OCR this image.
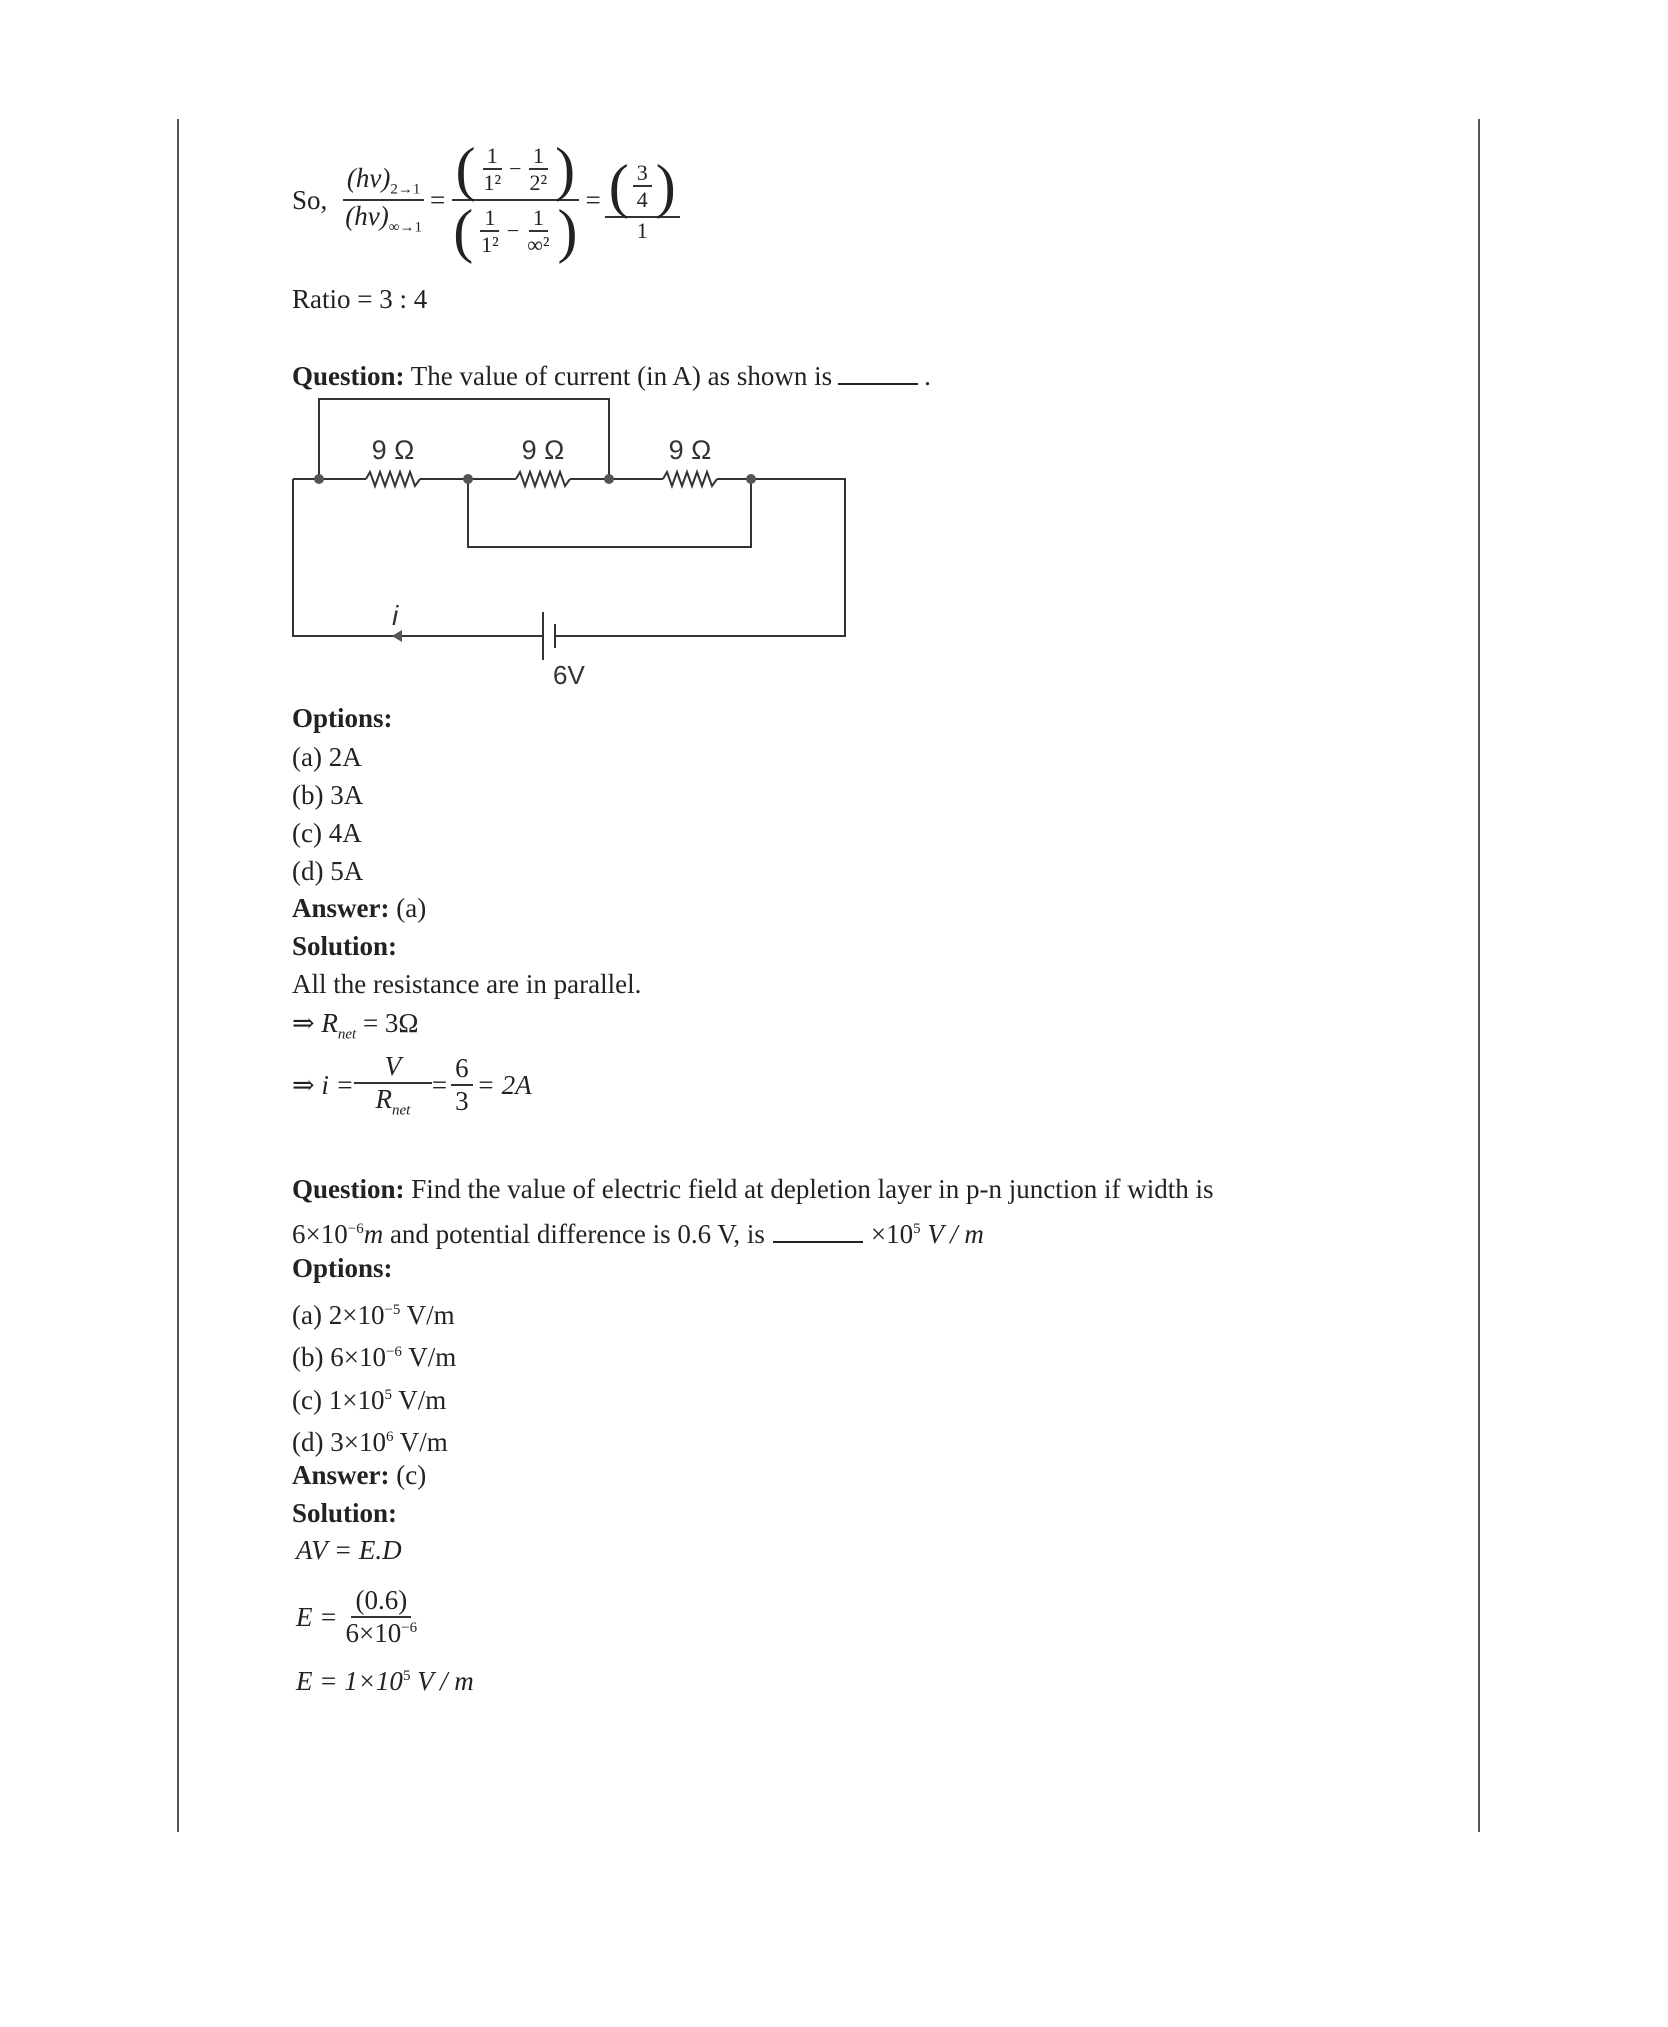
So, $\frac{(hv)_{2\to 1}}{(hv)_{\infty\to 1}} = \frac{( \frac{1}{\text{1²}} - \frac{1}{\text{2²}} )}{( \frac{1}{\text{1²}} - \frac{1}{\text{∞²}} )} = \frac{( \frac{3}{4} )}{1}$
Ratio = 3 : 4
Question: The value of current (in A) as shown is	.
9 Ω	9 Ω	9 Ω
i
6V
Options:
(a) 2A
(b) 3A
(c) 4A
(d) 5A
Answer: (a)
Solution:
All the resistance are in parallel.
⇒ $R_{net} = 3\Omega$
⇒ $i = \frac{V}{R_{net}} = \frac{6}{3} = 2A$
Question: Find the value of electric field at depletion layer in p-n junction if width is
$6\times 10^{-6}m$ and potential difference is 0.6 V, is	$\times 10^5$ V / m
Options:
(a) $2\times 10^{-5}$ V/m
(b) $6\times 10^{-6}$ V/m
(c) $1\times 10^5$ V/m
(d) $3\times 10^6$ V/m
Answer: (c)
Solution:
AV = E.D
$E = \frac{(0.6)}{6\times 10^{-6}}$
$E = 1\times 10^5$ V / m
